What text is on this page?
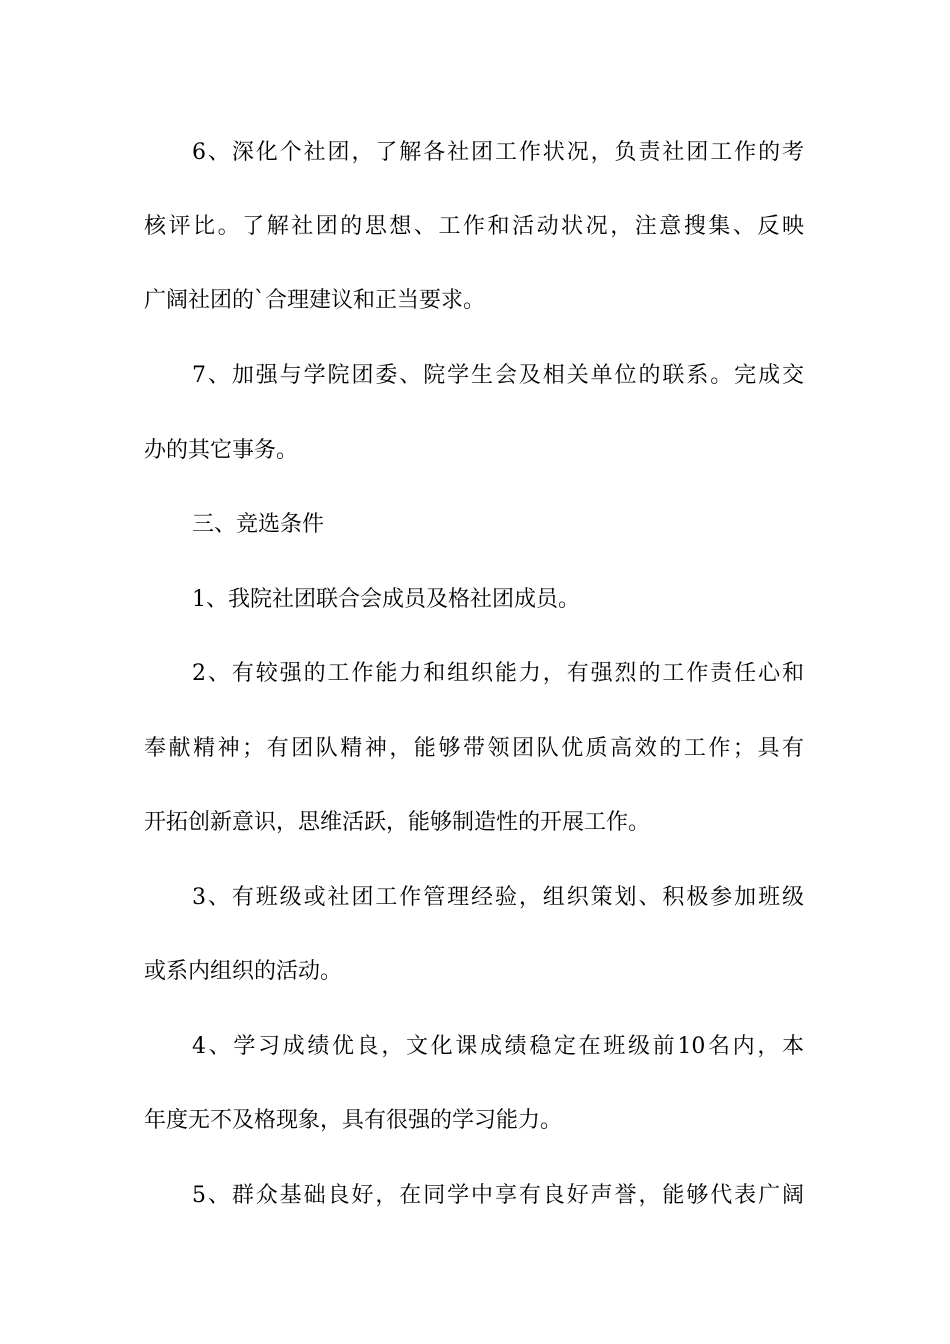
6、深化个社团，了解各社团工作状况，负责社团工作的考
核评比。了解社团的思想、工作和活动状况，注意搜集、反映
广阔社团的`合理建议和正当要求。
7、加强与学院团委、院学生会及相关单位的联系。完成交
办的其它事务。
三、竞选条件
1、我院社团联合会成员及格社团成员。
2、有较强的工作能力和组织能力，有强烈的工作责任心和
奉献精神；有团队精神，能够带领团队优质高效的工作；具有
开拓创新意识，思维活跃，能够制造性的开展工作。
3、有班级或社团工作管理经验，组织策划、积极参加班级
或系内组织的活动。
4、学习成绩优良，文化课成绩稳定在班级前10名内，本
年度无不及格现象，具有很强的学习能力。
5、群众基础良好，在同学中享有良好声誉，能够代表广阔
